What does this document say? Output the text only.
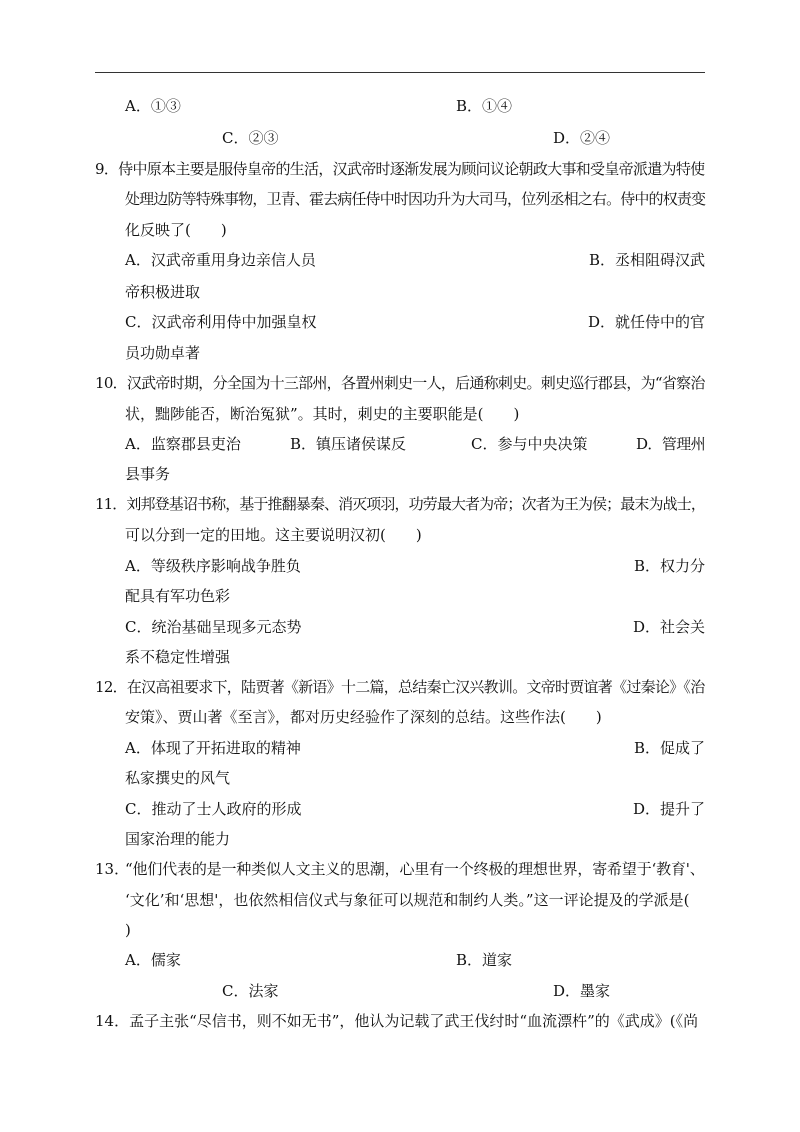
A．①③	B．①④
C．②③	D．②④
9．侍中原本主要是服侍皇帝的生活，汉武帝时逐渐发展为顾问议论朝政大事和受皇帝派遣为特使
处理边防等特殊事物，卫青、霍去病任侍中时因功升为大司马，位列丞相之右。侍中的权责变
化反映了(　　)
A．汉武帝重用身边亲信人员	B．丞相阻碍汉武
帝积极进取
C．汉武帝利用侍中加强皇权	D．就任侍中的官
员功勋卓著
10．汉武帝时期，分全国为十三部州，各置州刺史一人，后通称刺史。刺史巡行郡县，为“省察治
状，黜陟能否，断治冤狱”。其时，刺史的主要职能是(　　)
A．监察郡县吏治	B．镇压诸侯谋反	C．参与中央决策	D．管理州
县事务
11．刘邦登基诏书称，基于推翻暴秦、消灭项羽，功劳最大者为帝；次者为王为侯；最末为战士，
可以分到一定的田地。这主要说明汉初(　　)
A．等级秩序影响战争胜负	B．权力分
配具有军功色彩
C．统治基础呈现多元态势	D．社会关
系不稳定性增强
12．在汉高祖要求下，陆贾著《新语》十二篇，总结秦亡汉兴教训。文帝时贾谊著《过秦论》《治
安策》、贾山著《至言》，都对历史经验作了深刻的总结。这些作法(　　)
A．体现了开拓进取的精神	B．促成了
私家撰史的风气
C．推动了士人政府的形成	D．提升了
国家治理的能力
13．
“他们代表的是一种类似人文主义的思潮，心里有一个终极的理想世界，寄希望于‘教育'、
‘文化’和‘思想'，也依然相信仪式与象征可以规范和制约人类。”这一评论提及的学派是(
)
A．儒家	B．道家
C．法家	D．墨家
14．孟子主张“尽信书，则不如无书”，他认为记载了武王伐纣时“血流漂杵”的《武成》(《尚
